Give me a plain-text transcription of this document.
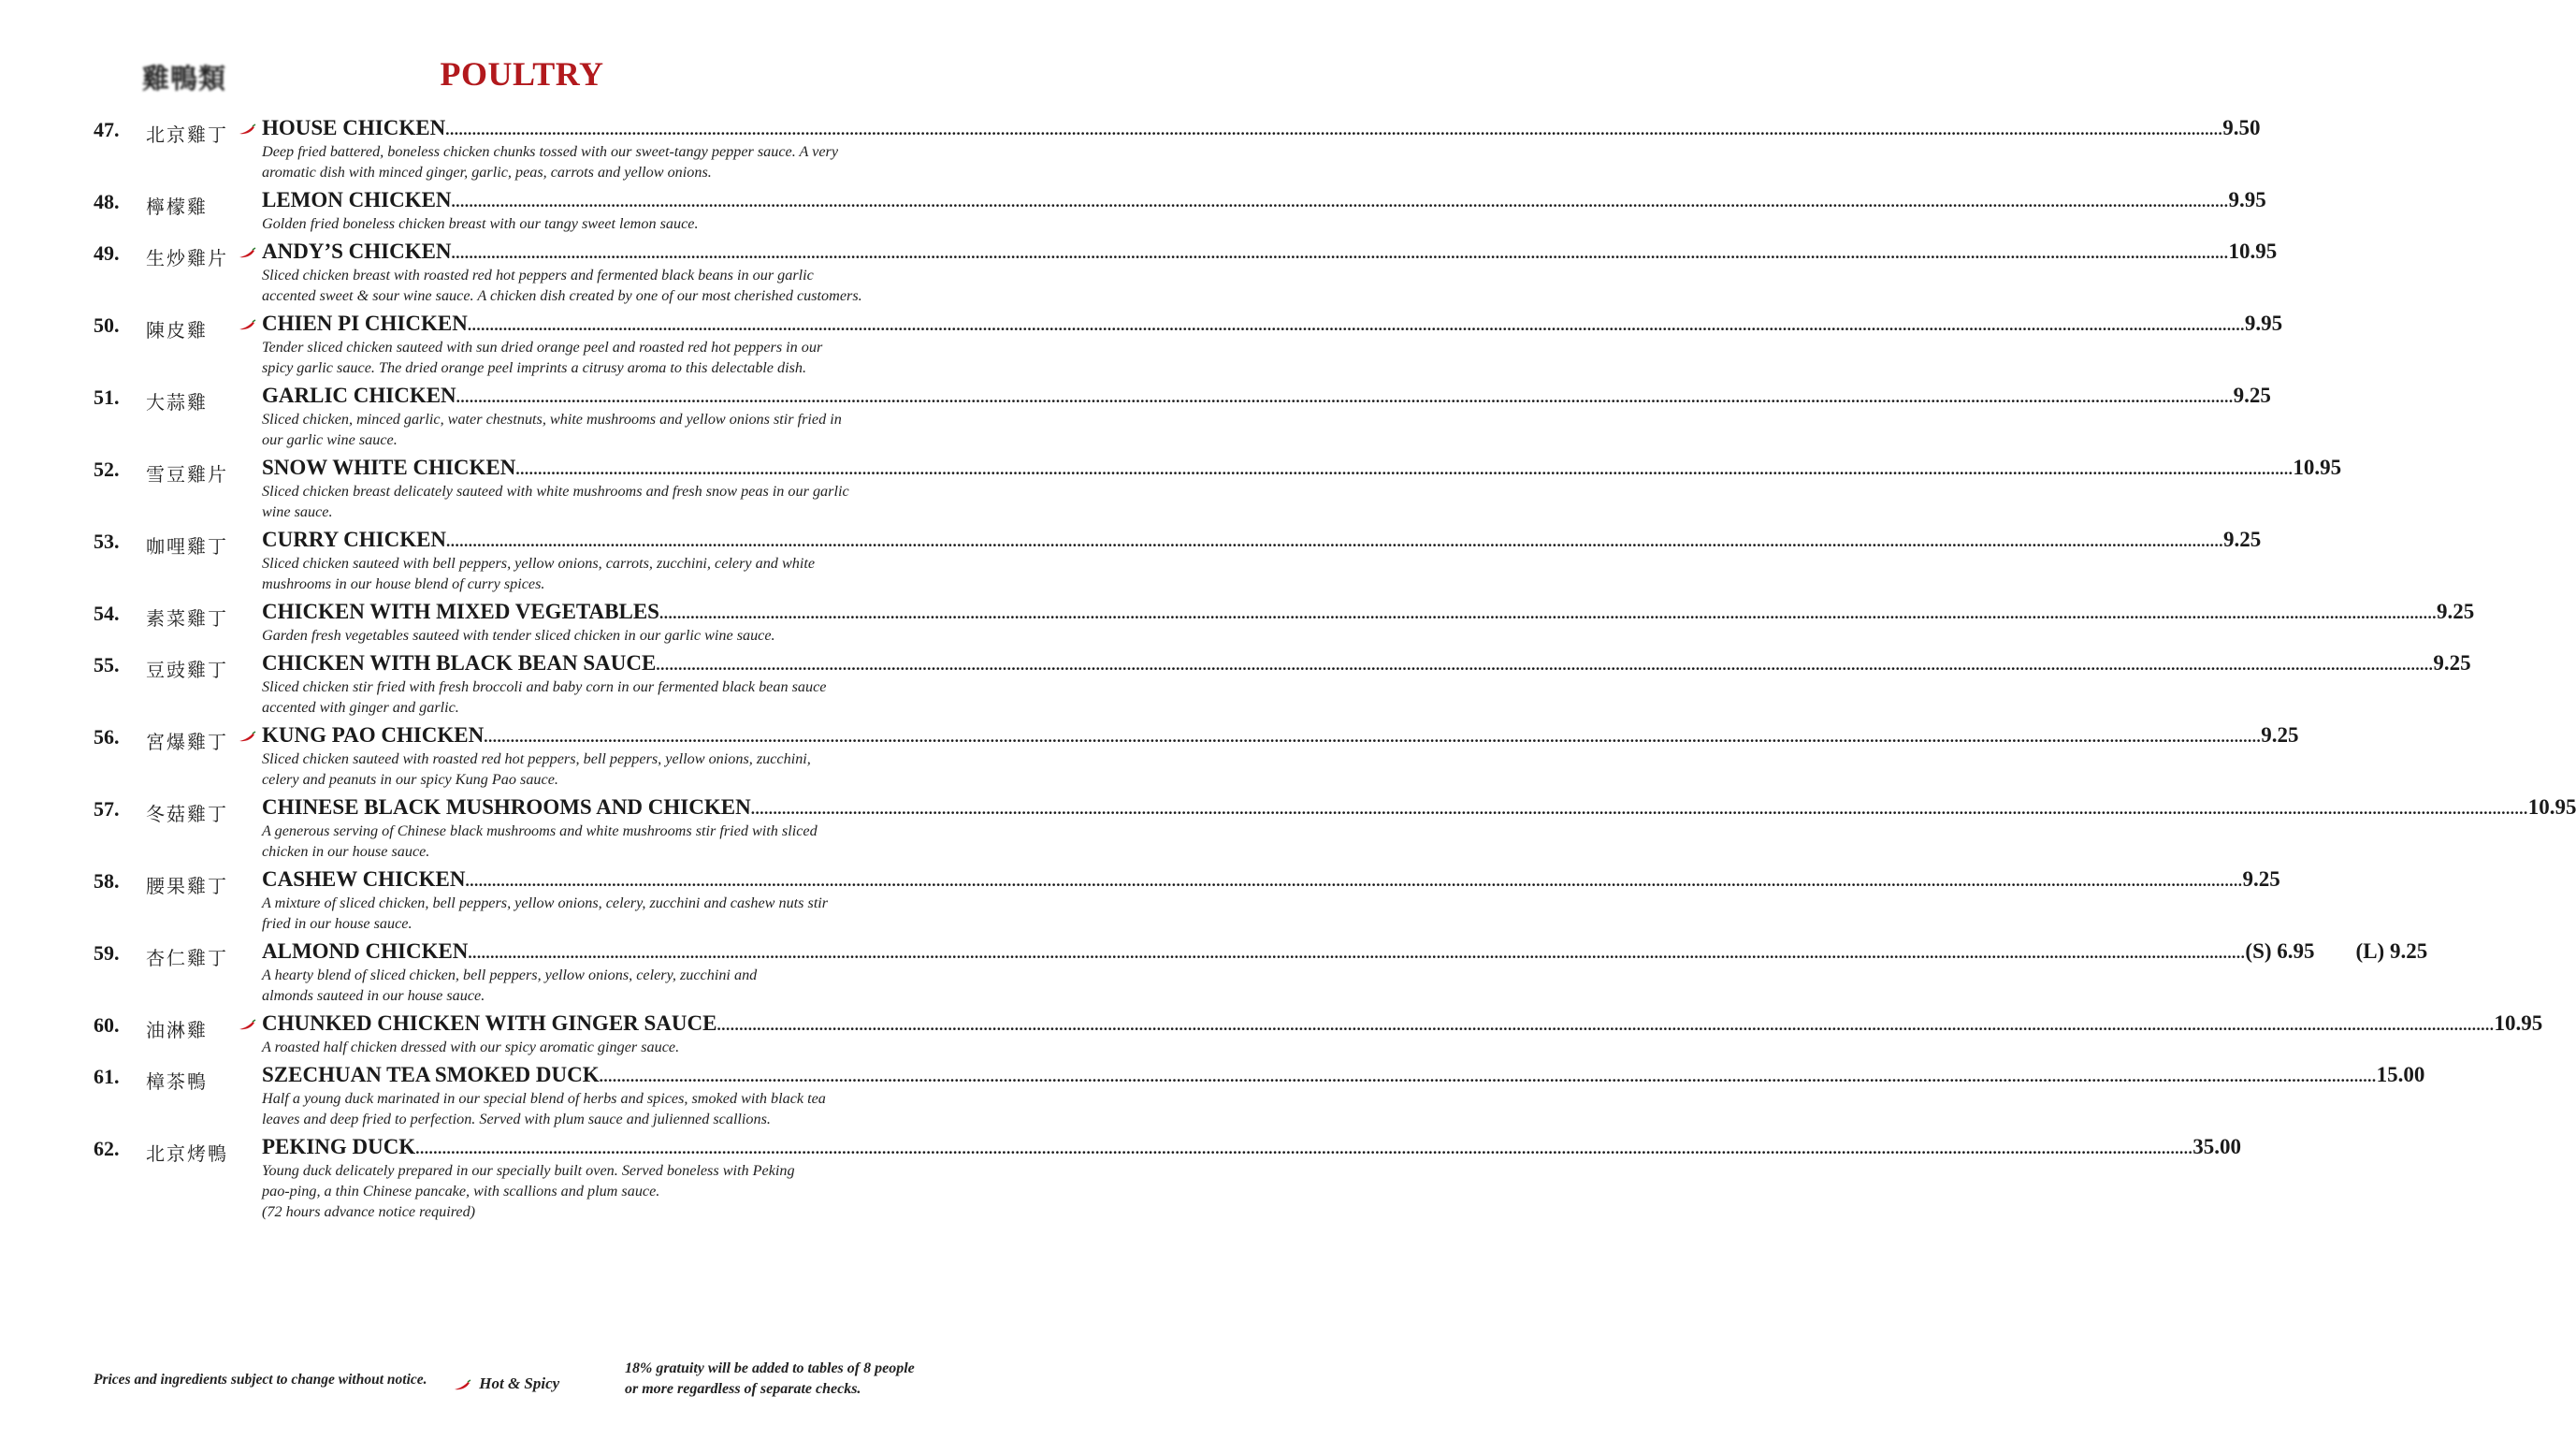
雞鴨類	POULTRY
47. 北京雞丁 HOUSE CHICKEN ................................................................................................................................................................................................................................................................................................................................................................................................................ 9.50
Deep fried battered, boneless chicken chunks tossed with our sweet-tangy pepper sauce. A very
aromatic dish with minced ginger, garlic, peas, carrots and yellow onions.
48. 檸檬雞	LEMON CHICKEN ................................................................................................................................................................................................................................................................................................................................................................................................................ 9.95
Golden fried boneless chicken breast with our tangy sweet lemon sauce.
49. 生炒雞片 ANDY’S CHICKEN ................................................................................................................................................................................................................................................................................................................................................................................................................ 10.95
Sliced chicken breast with roasted red hot peppers and fermented black beans in our garlic
accented sweet & sour wine sauce. A chicken dish created by one of our most cherished customers.
50. 陳皮雞	CHIEN PI CHICKEN ................................................................................................................................................................................................................................................................................................................................................................................................................ 9.95
Tender sliced chicken sauteed with sun dried orange peel and roasted red hot peppers in our
spicy garlic sauce. The dried orange peel imprints a citrusy aroma to this delectable dish.
51. 大蒜雞	GARLIC CHICKEN ................................................................................................................................................................................................................................................................................................................................................................................................................ 9.25
Sliced chicken, minced garlic, water chestnuts, white mushrooms and yellow onions stir fried in
our garlic wine sauce.
52. 雪豆雞片 SNOW WHITE CHICKEN ................................................................................................................................................................................................................................................................................................................................................................................................................ 10.95
Sliced chicken breast delicately sauteed with white mushrooms and fresh snow peas in our garlic
wine sauce.
53. 咖哩雞丁 CURRY CHICKEN ................................................................................................................................................................................................................................................................................................................................................................................................................ 9.25
Sliced chicken sauteed with bell peppers, yellow onions, carrots, zucchini, celery and white
mushrooms in our house blend of curry spices.
54. 素菜雞丁 CHICKEN WITH MIXED VEGETABLES ................................................................................................................................................................................................................................................................................................................................................................................................................ 9.25
Garden fresh vegetables sauteed with tender sliced chicken in our garlic wine sauce.
55. 豆豉雞丁 CHICKEN WITH BLACK BEAN SAUCE ................................................................................................................................................................................................................................................................................................................................................................................................................ 9.25
Sliced chicken stir fried with fresh broccoli and baby corn in our fermented black bean sauce
accented with ginger and garlic.
56. 宮爆雞丁 KUNG PAO CHICKEN ................................................................................................................................................................................................................................................................................................................................................................................................................ 9.25
Sliced chicken sauteed with roasted red hot peppers, bell peppers, yellow onions, zucchini,
celery and peanuts in our spicy Kung Pao sauce.
57. 冬菇雞丁 CHINESE BLACK MUSHROOMS AND CHICKEN ................................................................................................................................................................................................................................................................................................................................................................................................................ 10.95
A generous serving of Chinese black mushrooms and white mushrooms stir fried with sliced
chicken in our house sauce.
58. 腰果雞丁 CASHEW CHICKEN ................................................................................................................................................................................................................................................................................................................................................................................................................ 9.25
A mixture of sliced chicken, bell peppers, yellow onions, celery, zucchini and cashew nuts stir
fried in our house sauce.
59. 杏仁雞丁 ALMOND CHICKEN ................................................................................................................................................................................................................................................................................................................................................................................................................ (S) 6.95 (L) 9.25
A hearty blend of sliced chicken, bell peppers, yellow onions, celery, zucchini and
almonds sauteed in our house sauce.
60. 油淋雞	CHUNKED CHICKEN WITH GINGER SAUCE ................................................................................................................................................................................................................................................................................................................................................................................................................ 10.95
A roasted half chicken dressed with our spicy aromatic ginger sauce.
61. 樟茶鴨	SZECHUAN TEA SMOKED DUCK ................................................................................................................................................................................................................................................................................................................................................................................................................ 15.00
Half a young duck marinated in our special blend of herbs and spices, smoked with black tea
leaves and deep fried to perfection. Served with plum sauce and julienned scallions.
62. 北京烤鴨 PEKING DUCK ................................................................................................................................................................................................................................................................................................................................................................................................................ 35.00
Young duck delicately prepared in our specially built oven. Served boneless with Peking
pao-ping, a thin Chinese pancake, with scallions and plum sauce.
(72 hours advance notice required)
Prices and ingredients subject to change without notice.	Hot & Spicy
18% gratuity will be added to tables of 8 people
or more regardless of separate checks.
